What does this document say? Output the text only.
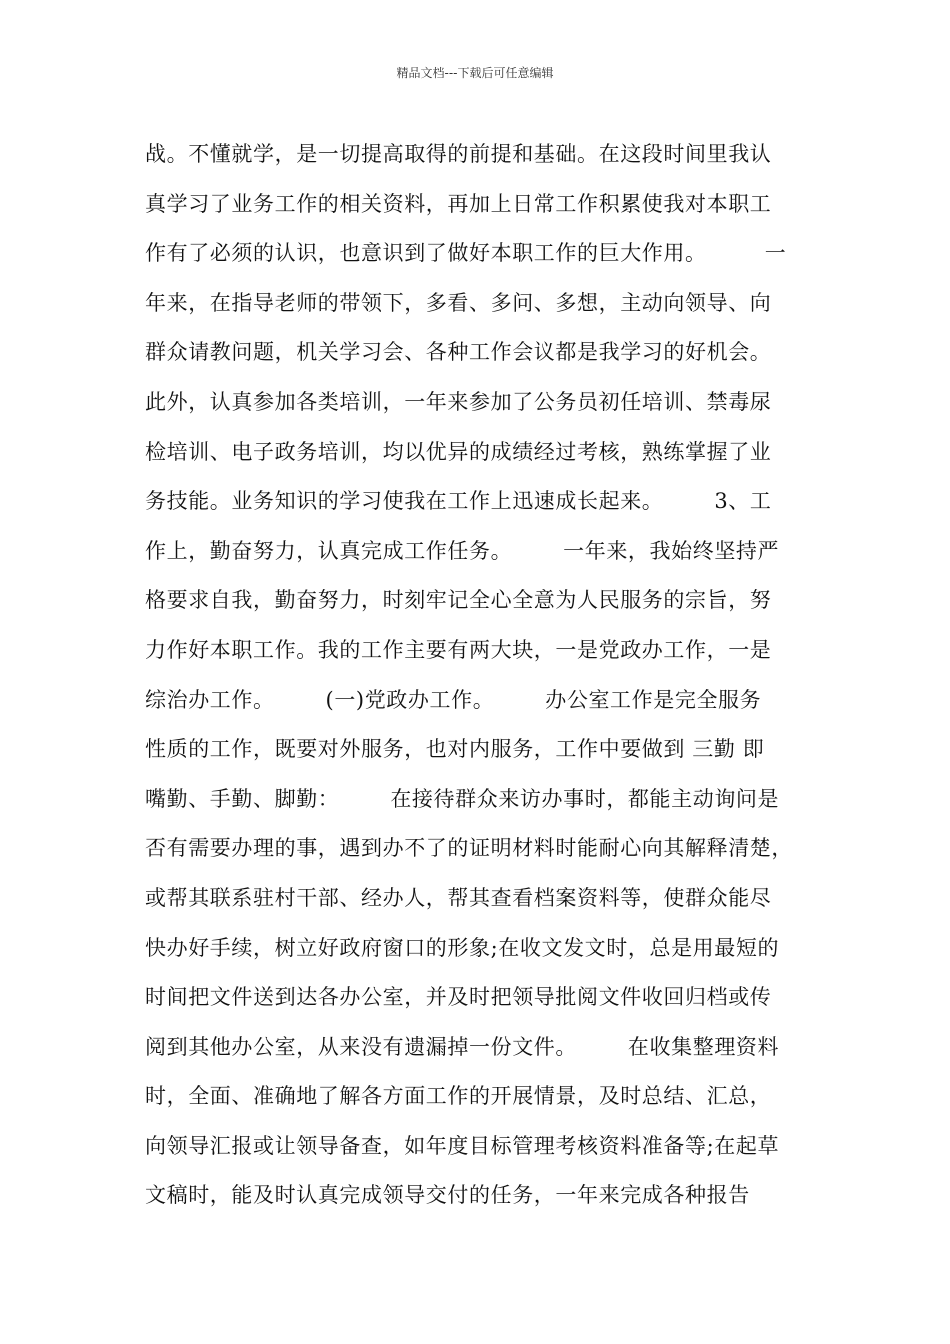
精品文档---下载后可任意编辑
战。不懂就学，是一切提高取得的前提和基础。在这段时间里我认
真学习了业务工作的相关资料，再加上日常工作积累使我对本职工
作有了必须的认识，也意识到了做好本职工作的巨大作用。        一
年来，在指导老师的带领下，多看、多问、多想，主动向领导、向
群众请教问题，机关学习会、各种工作会议都是我学习的好机会。
此外，认真参加各类培训，一年来参加了公务员初任培训、禁毒尿
检培训、电子政务培训，均以优异的成绩经过考核，熟练掌握了业
务技能。业务知识的学习使我在工作上迅速成长起来。       3、工
作上，勤奋努力，认真完成工作任务。       一年来，我始终坚持严
格要求自我，勤奋努力，时刻牢记全心全意为人民服务的宗旨，努
力作好本职工作。我的工作主要有两大块，一是党政办工作，一是
综治办工作。       (一)党政办工作。       办公室工作是完全服务
性质的工作，既要对外服务，也对内服务，工作中要做到 三勤 即
嘴勤、手勤、脚勤：       在接待群众来访办事时，都能主动询问是
否有需要办理的事，遇到办不了的证明材料时能耐心向其解释清楚，
或帮其联系驻村干部、经办人，帮其查看档案资料等，使群众能尽
快办好手续，树立好政府窗口的形象;在收文发文时，总是用最短的
时间把文件送到达各办公室，并及时把领导批阅文件收回归档或传
阅到其他办公室，从来没有遗漏掉一份文件。       在收集整理资料
时，全面、准确地了解各方面工作的开展情景，及时总结、汇总，
向领导汇报或让领导备查，如年度目标管理考核资料准备等;在起草
文稿时，能及时认真完成领导交付的任务，一年来完成各种报告
